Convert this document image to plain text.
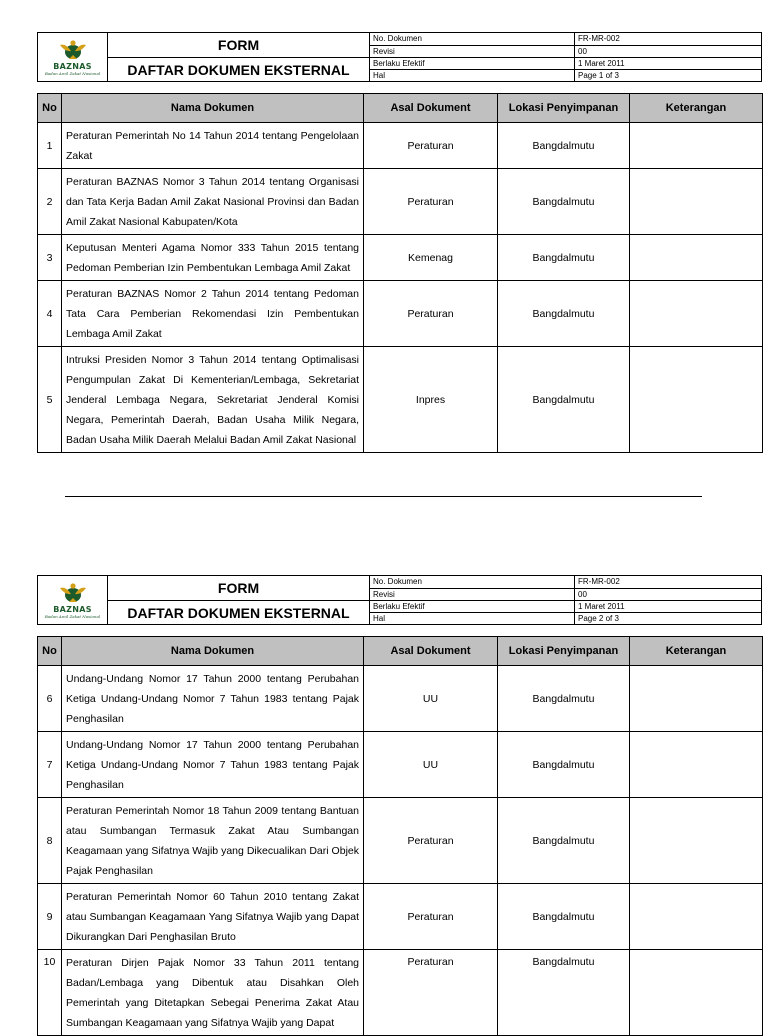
BAZNAS
Badan Amil Zakat Nasional	FORM	No. Dokumen	FR-MR-002
		Revisi	00
	DAFTAR DOKUMEN EKSTERNAL	Berlaku Efektif	1 Maret 2011
		Hal	Page 1 of 3
No	Nama Dokumen	Asal Dokument	Lokasi Penyimpanan	Keterangan
1	Peraturan Pemerintah No 14 Tahun 2014 tentang Pengelolaan Zakat	Peraturan	Bangdalmutu	
2	Peraturan BAZNAS Nomor 3 Tahun 2014 tentang Organisasi dan Tata Kerja Badan Amil Zakat Nasional Provinsi dan Badan Amil Zakat Nasional Kabupaten/Kota	Peraturan	Bangdalmutu	
3	Keputusan Menteri Agama Nomor 333 Tahun 2015 tentang Pedoman Pemberian Izin Pembentukan Lembaga Amil Zakat	Kemenag	Bangdalmutu	
4	Peraturan BAZNAS Nomor 2 Tahun 2014 tentang Pedoman Tata Cara Pemberian Rekomendasi Izin Pembentukan Lembaga Amil Zakat	Peraturan	Bangdalmutu	
5	Intruksi Presiden Nomor 3 Tahun 2014 tentang Optimalisasi Pengumpulan Zakat Di Kementerian/Lembaga, Sekretariat Jenderal Lembaga Negara, Sekretariat Jenderal Komisi Negara, Pemerintah Daerah, Badan Usaha Milik Negara, Badan Usaha Milik Daerah Melalui Badan Amil Zakat Nasional	Inpres	Bangdalmutu	
BAZNAS
Badan Amil Zakat Nasional	FORM	No. Dokumen	FR-MR-002
		Revisi	00
	DAFTAR DOKUMEN EKSTERNAL	Berlaku Efektif	1 Maret 2011
		Hal	Page 2 of 3
No	Nama Dokumen	Asal Dokument	Lokasi Penyimpanan	Keterangan
6	Undang-Undang Nomor 17 Tahun 2000 tentang Perubahan Ketiga Undang-Undang Nomor 7 Tahun 1983 tentang Pajak Penghasilan	UU	Bangdalmutu	
7	Undang-Undang Nomor 17 Tahun 2000 tentang Perubahan Ketiga Undang-Undang Nomor 7 Tahun 1983 tentang Pajak Penghasilan	UU	Bangdalmutu	
8	Peraturan Pemerintah Nomor 18 Tahun 2009 tentang Bantuan atau Sumbangan Termasuk Zakat Atau Sumbangan Keagamaan yang Sifatnya Wajib yang Dikecualikan Dari Objek Pajak Penghasilan	Peraturan	Bangdalmutu	
9	Peraturan Pemerintah Nomor 60 Tahun 2010 tentang Zakat atau Sumbangan Keagamaan Yang Sifatnya Wajib yang Dapat Dikurangkan Dari Penghasilan Bruto	Peraturan	Bangdalmutu	
10	Peraturan Dirjen Pajak Nomor 33 Tahun 2011 tentang Badan/Lembaga yang Dibentuk atau Disahkan Oleh Pemerintah yang Ditetapkan Sebegai Penerima Zakat Atau Sumbangan Keagamaan yang Sifatnya Wajib yang Dapat	Peraturan	Bangdalmutu	
